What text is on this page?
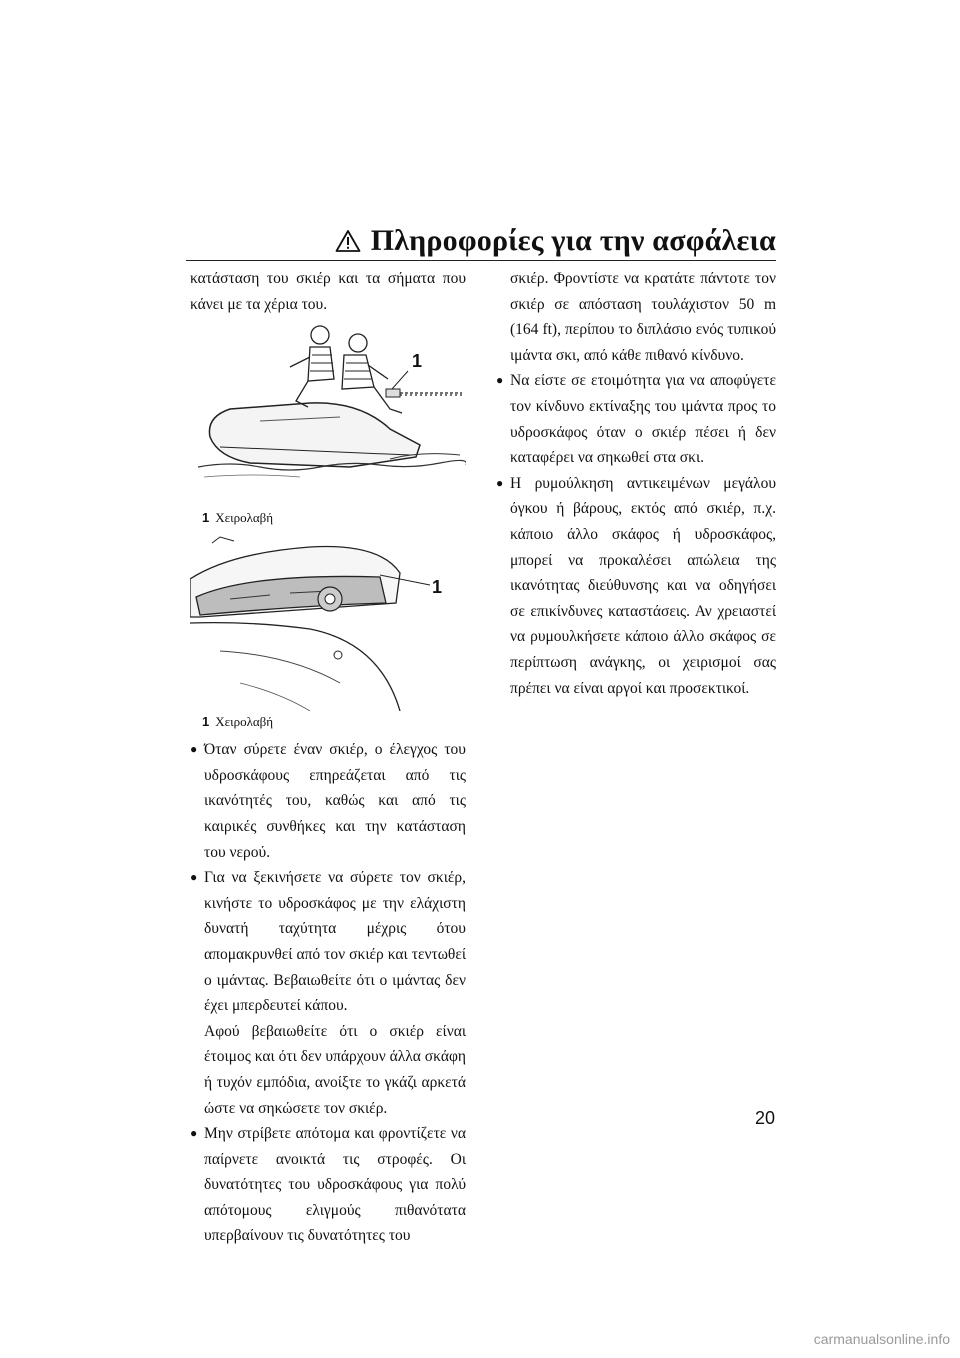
Πληροφορίες για την ασφάλεια

κατάσταση του σκιέρ και τα σήματα που κάνει με τα χέρια του.

1
1 Χειρολαβή
1
1 Χειρολαβή
● Όταν σύρετε έναν σκιέρ, ο έλεγχος του υδροσκάφους επηρεάζεται από τις ικανότητές του, καθώς και από τις καιρικές συνθήκες και την κατάσταση του νερού.
● Για να ξεκινήσετε να σύρετε τον σκιέρ, κινήστε το υδροσκάφος με την ελάχιστη δυνατή ταχύτητα μέχρις ότου απομακρυνθεί από τον σκιέρ και τεντωθεί ο ιμάντας. Βεβαιωθείτε ότι ο ιμάντας δεν έχει μπερδευτεί κάπου.

Αφού βεβαιωθείτε ότι ο σκιέρ είναι έτοιμος και ότι δεν υπάρχουν άλλα σκάφη ή τυχόν εμπόδια, ανοίξτε το γκάζι αρκετά ώστε να σηκώσετε τον σκιέρ.

● Μην στρίβετε απότομα και φροντίζετε να παίρνετε ανοικτά τις στροφές. Οι δυνατότητες του υδροσκάφους για πολύ απότομους ελιγμούς πιθανότατα υπερβαίνουν τις δυνατότητες του

σκιέρ. Φροντίστε να κρατάτε πάντοτε τον σκιέρ σε απόσταση τουλάχιστον 50 m (164 ft), περίπου το διπλάσιο ενός τυπικού ιμάντα σκι, από κάθε πιθανό κίνδυνο.

● Να είστε σε ετοιμότητα για να αποφύγετε τον κίνδυνο εκτίναξης του ιμάντα προς το υδροσκάφος όταν ο σκιέρ πέσει ή δεν καταφέρει να σηκωθεί στα σκι.
● Η ρυμούλκηση αντικειμένων μεγάλου όγκου ή βάρους, εκτός από σκιέρ, π.χ. κάποιο άλλο σκάφος ή υδροσκάφος, μπορεί να προκαλέσει απώλεια της ικανότητας διεύθυνσης και να οδηγήσει σε επικίνδυνες καταστάσεις. Αν χρειαστεί να ρυμουλκήσετε κάποιο άλλο σκάφος σε περίπτωση ανάγκης, οι χειρισμοί σας πρέπει να είναι αργοί και προσεκτικοί.
20
carmanualsonline.info
